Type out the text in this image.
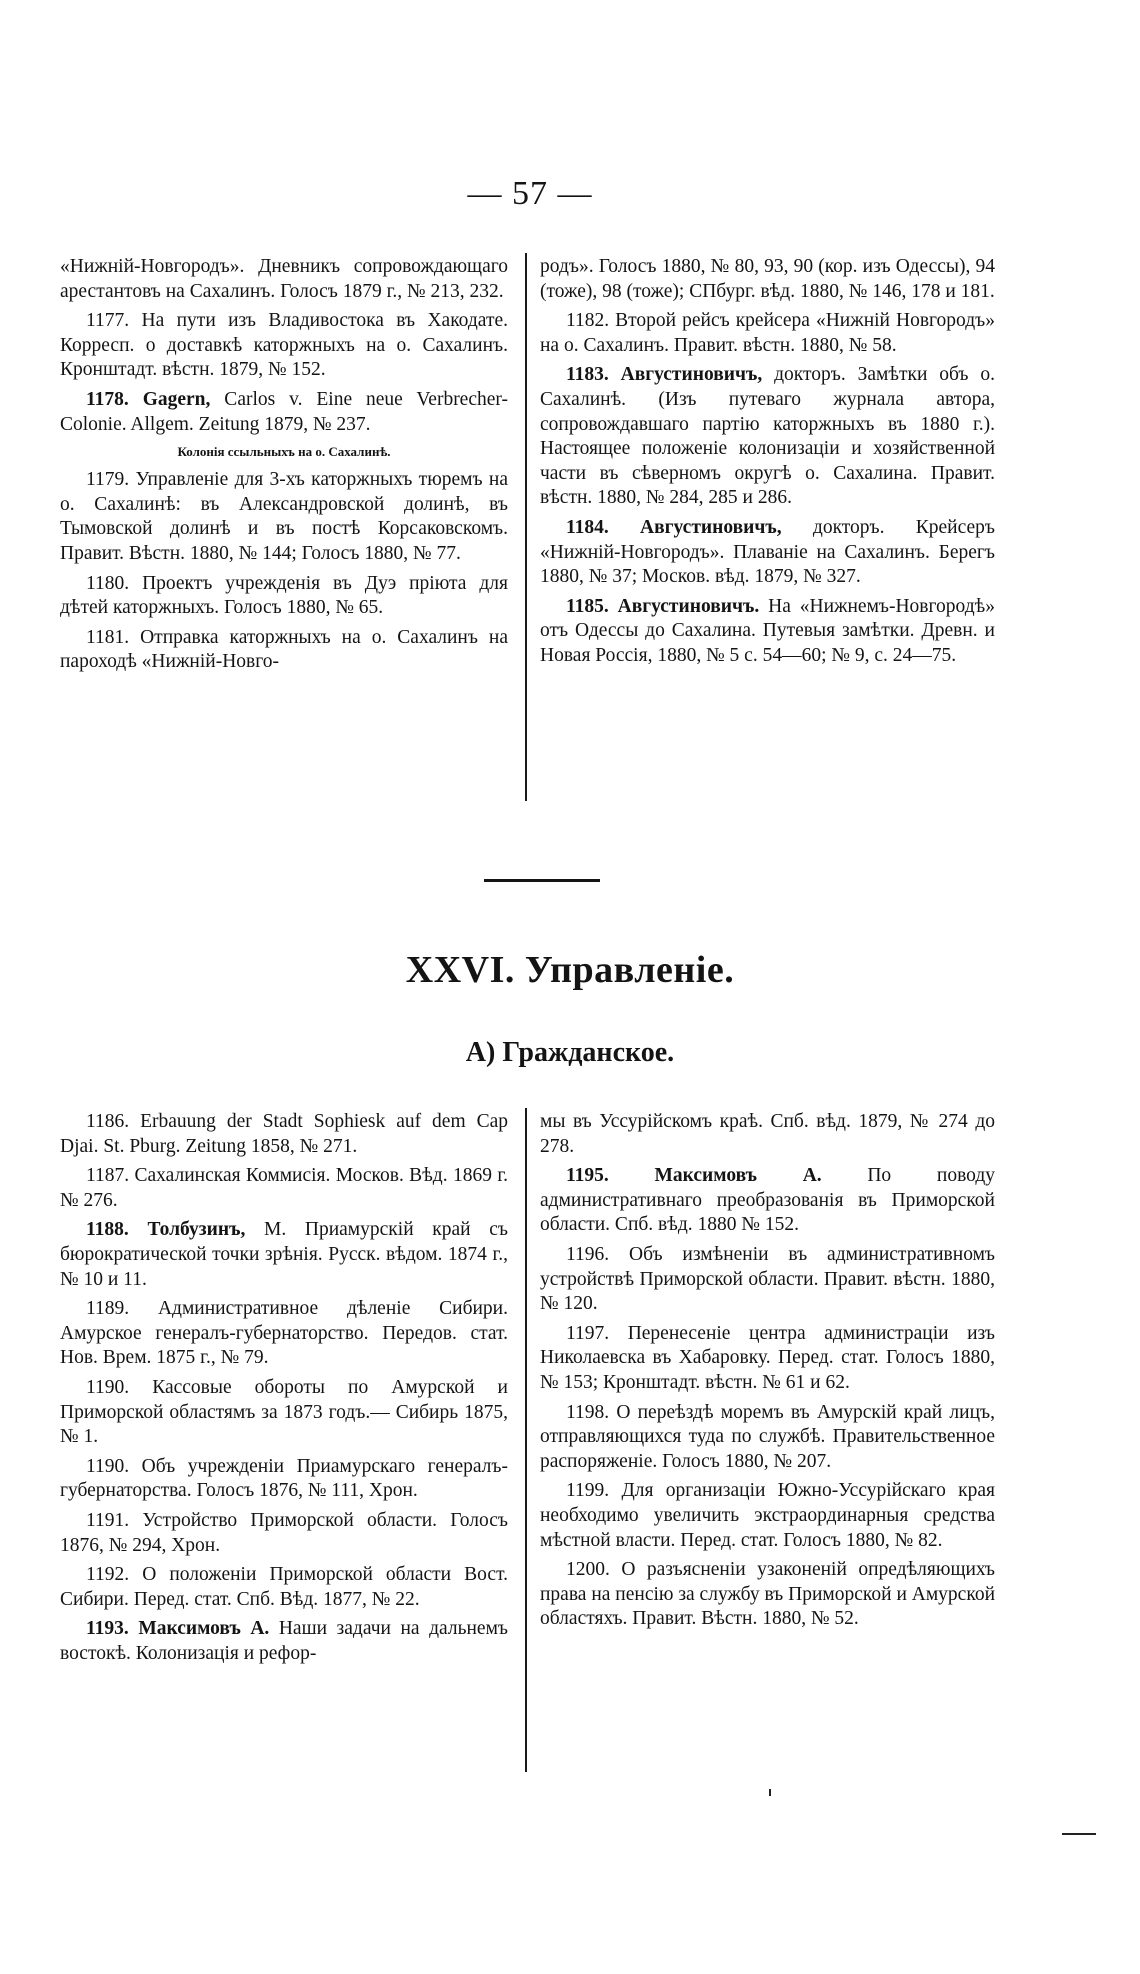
— 57 —

«Нижній-Новгородъ». Дневникъ сопровождающаго арестантовъ на Сахалинъ. Голосъ 1879 г., № 213, 232.

1177. На пути изъ Владивостока въ Хакодате. Корресп. о доставкѣ каторжныхъ на о. Сахалинъ. Кронштадт. вѣстн. 1879, № 152.

1178. Gagern, Carlos v. Eine neue Verbrecher-Colonie. Allgem. Zeitung 1879, № 237.

Колонія ссыльныхъ на о. Сахалинѣ.

1179. Управленіе для 3-хъ каторжныхъ тюремъ на о. Сахалинѣ: въ Александровской долинѣ, въ Тымовской долинѣ и въ постѣ Корсаковскомъ. Правит. Вѣстн. 1880, № 144; Голосъ 1880, № 77.

1180. Проектъ учрежденія въ Дуэ пріюта для дѣтей каторжныхъ. Голосъ 1880, № 65.

1181. Отправка каторжныхъ на о. Сахалинъ на пароходѣ «Нижній-Новго-

родъ». Голосъ 1880, № 80, 93, 90 (кор. изъ Одессы), 94 (тоже), 98 (тоже); СПбург. вѣд. 1880, № 146, 178 и 181.

1182. Второй рейсъ крейсера «Нижній Новгородъ» на о. Сахалинъ. Правит. вѣстн. 1880, № 58.

1183. Августиновичъ, докторъ. Замѣтки объ о. Сахалинѣ. (Изъ путеваго журнала автора, сопровождавшаго партію каторжныхъ въ 1880 г.). Настоящее положеніе колонизаціи и хозяйственной части въ сѣверномъ округѣ о. Сахалина. Правит. вѣстн. 1880, № 284, 285 и 286.

1184. Августиновичъ, докторъ. Крейсеръ «Нижній-Новгородъ». Плаваніе на Сахалинъ. Берегъ 1880, № 37; Москов. вѣд. 1879, № 327.

1185. Августиновичъ. На «Нижнемъ-Новгородѣ» отъ Одессы до Сахалина. Путевыя замѣтки. Древн. и Новая Россія, 1880, № 5 с. 54—60; № 9, с. 24—75.

XXVI. Управленіе.
А) Гражданское.

1186. Erbauung der Stadt Sophiesk auf dem Cap Djai. St. Pburg. Zeitung 1858, № 271.

1187. Сахалинская Коммисія. Москов. Вѣд. 1869 г. № 276.

1188. Толбузинъ, М. Приамурскій край съ бюрократической точки зрѣнія. Русск. вѣдом. 1874 г., № 10 и 11.

1189. Административное дѣленіе Сибири. Амурское генералъ-губернаторство. Передов. стат. Нов. Врем. 1875 г., № 79.

1190. Кассовые обороты по Амурской и Приморской областямъ за 1873 годъ.— Сибирь 1875, № 1.

1190. Объ учрежденіи Приамурскаго генералъ-губернаторства. Голосъ 1876, № 111, Хрон.

1191. Устройство Приморской области. Голосъ 1876, № 294, Хрон.

1192. О положеніи Приморской области Вост. Сибири. Перед. стат. Спб. Вѣд. 1877, № 22.

1193. Максимовъ А. Наши задачи на дальнемъ востокѣ. Колонизація и рефор-

мы въ Уссурійскомъ краѣ. Спб. вѣд. 1879, № 274 до 278.

1195. Максимовъ А. По поводу административнаго преобразованія въ Приморской области. Спб. вѣд. 1880 № 152.

1196. Объ измѣненіи въ административномъ устройствѣ Приморской области. Правит. вѣстн. 1880, № 120.

1197. Перенесеніе центра администраціи изъ Николаевска въ Хабаровку. Перед. стат. Голосъ 1880, № 153; Кронштадт. вѣстн. № 61 и 62.

1198. О переѣздѣ моремъ въ Амурскій край лицъ, отправляющихся туда по службѣ. Правительственное распоряженіе. Голосъ 1880, № 207.

1199. Для организаціи Южно-Уссурійскаго края необходимо увеличить экстраординарныя средства мѣстной власти. Перед. стат. Голосъ 1880, № 82.

1200. О разъясненіи узаконеній опредѣляющихъ права на пенсію за службу въ Приморской и Амурской областяхъ. Правит. Вѣстн. 1880, № 52.
